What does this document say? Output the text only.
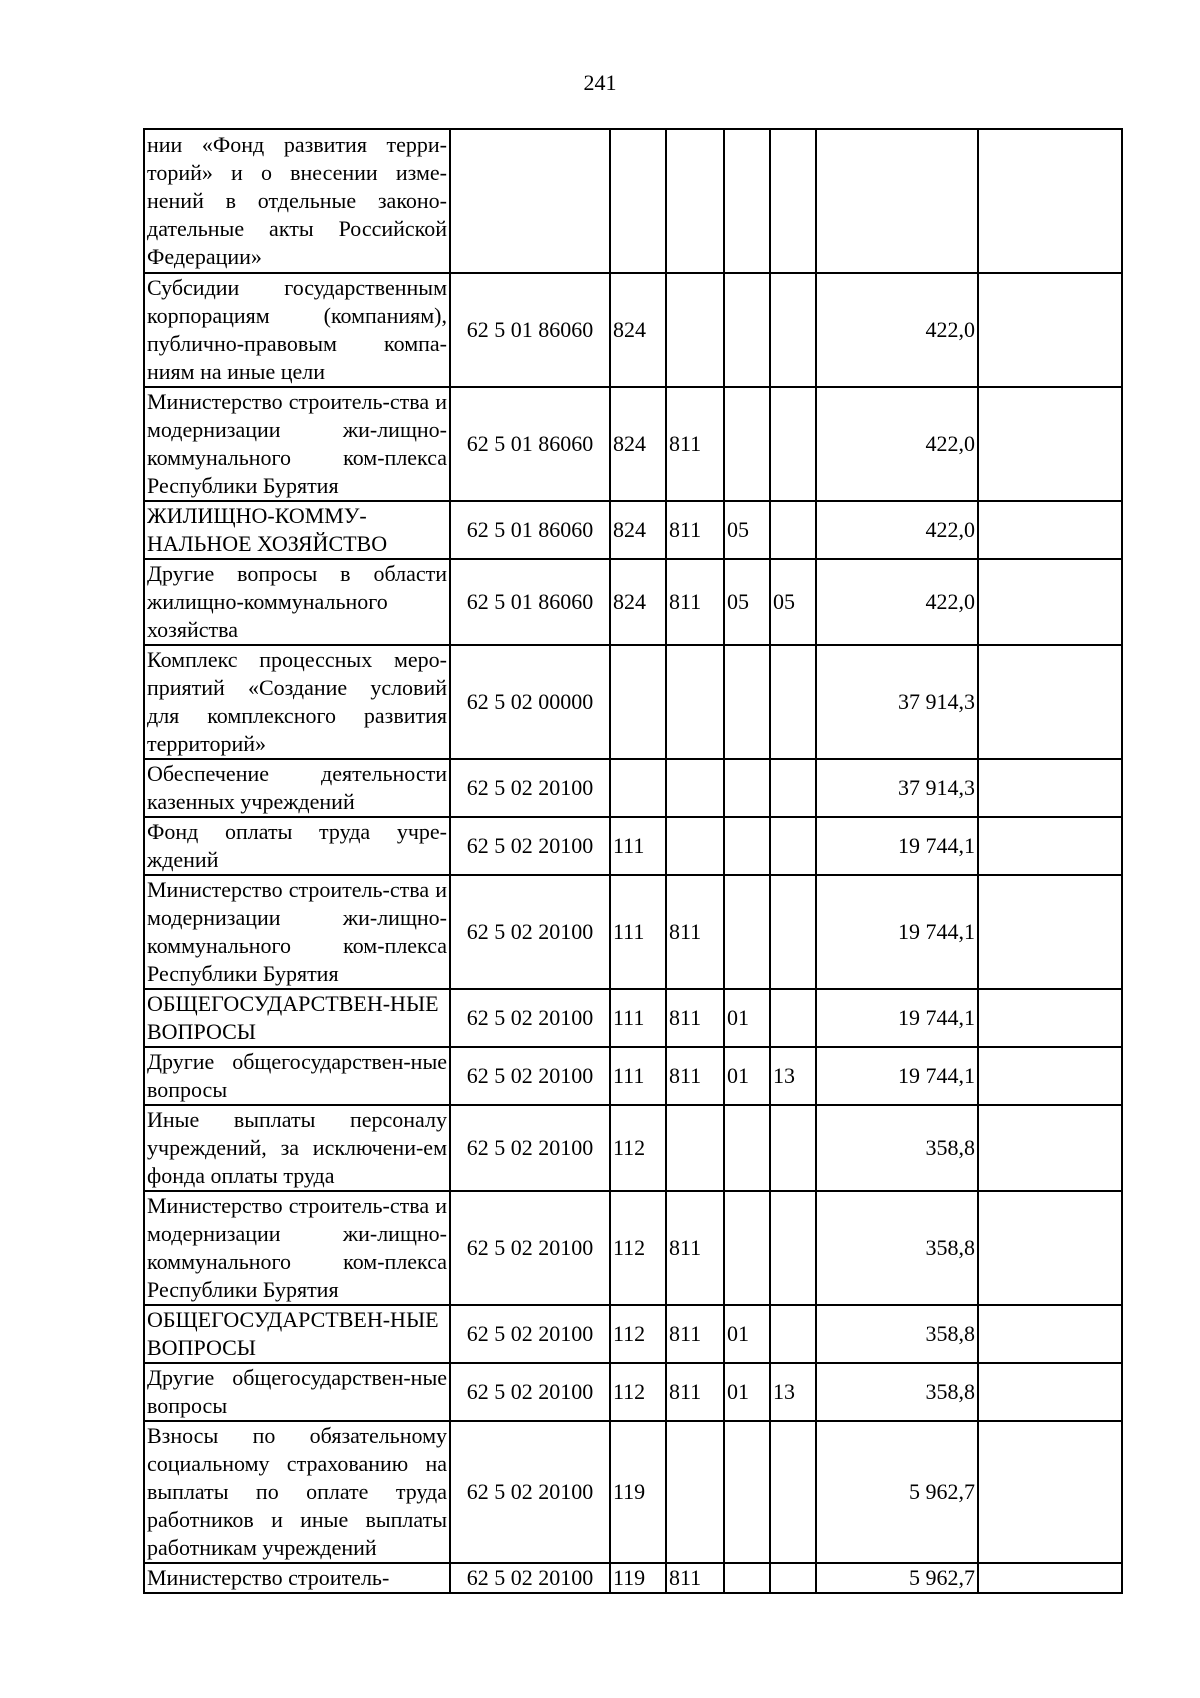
241
нии «Фонд развития терри-торий» и о внесении изме-нений в отдельные законо-дательные акты Российской Федерации»							
Субсидии государственным корпорациям (компаниям), публично-правовым компа-ниям на иные цели	62 5 01 86060	824				422,0	
Министерство строитель-ства и модернизации жи-лищно-коммунального ком-плекса Республики Бурятия	62 5 01 86060	824	811			422,0	
ЖИЛИЩНО-КОММУ-НАЛЬНОЕ ХОЗЯЙСТВО	62 5 01 86060	824	811	05		422,0	
Другие вопросы в области жилищно-коммунального хозяйства	62 5 01 86060	824	811	05	05	422,0	
Комплекс процессных меро-приятий «Создание условий для комплексного развития территорий»	62 5 02 00000					37 914,3	
Обеспечение деятельности казенных учреждений	62 5 02 20100					37 914,3	
Фонд оплаты труда учре-ждений	62 5 02 20100	111				19 744,1	
Министерство строитель-ства и модернизации жи-лищно-коммунального ком-плекса Республики Бурятия	62 5 02 20100	111	811			19 744,1	
ОБЩЕГОСУДАРСТВЕН-НЫЕ ВОПРОСЫ	62 5 02 20100	111	811	01		19 744,1	
Другие общегосударствен-ные вопросы	62 5 02 20100	111	811	01	13	19 744,1	
Иные выплаты персоналу учреждений, за исключени-ем фонда оплаты труда	62 5 02 20100	112				358,8	
Министерство строитель-ства и модернизации жи-лищно-коммунального ком-плекса Республики Бурятия	62 5 02 20100	112	811			358,8	
ОБЩЕГОСУДАРСТВЕН-НЫЕ ВОПРОСЫ	62 5 02 20100	112	811	01		358,8	
Другие общегосударствен-ные вопросы	62 5 02 20100	112	811	01	13	358,8	
Взносы по обязательному социальному страхованию на выплаты по оплате труда работников и иные выплаты работникам учреждений	62 5 02 20100	119				5 962,7	
Министерство строитель-	62 5 02 20100	119	811			5 962,7	
